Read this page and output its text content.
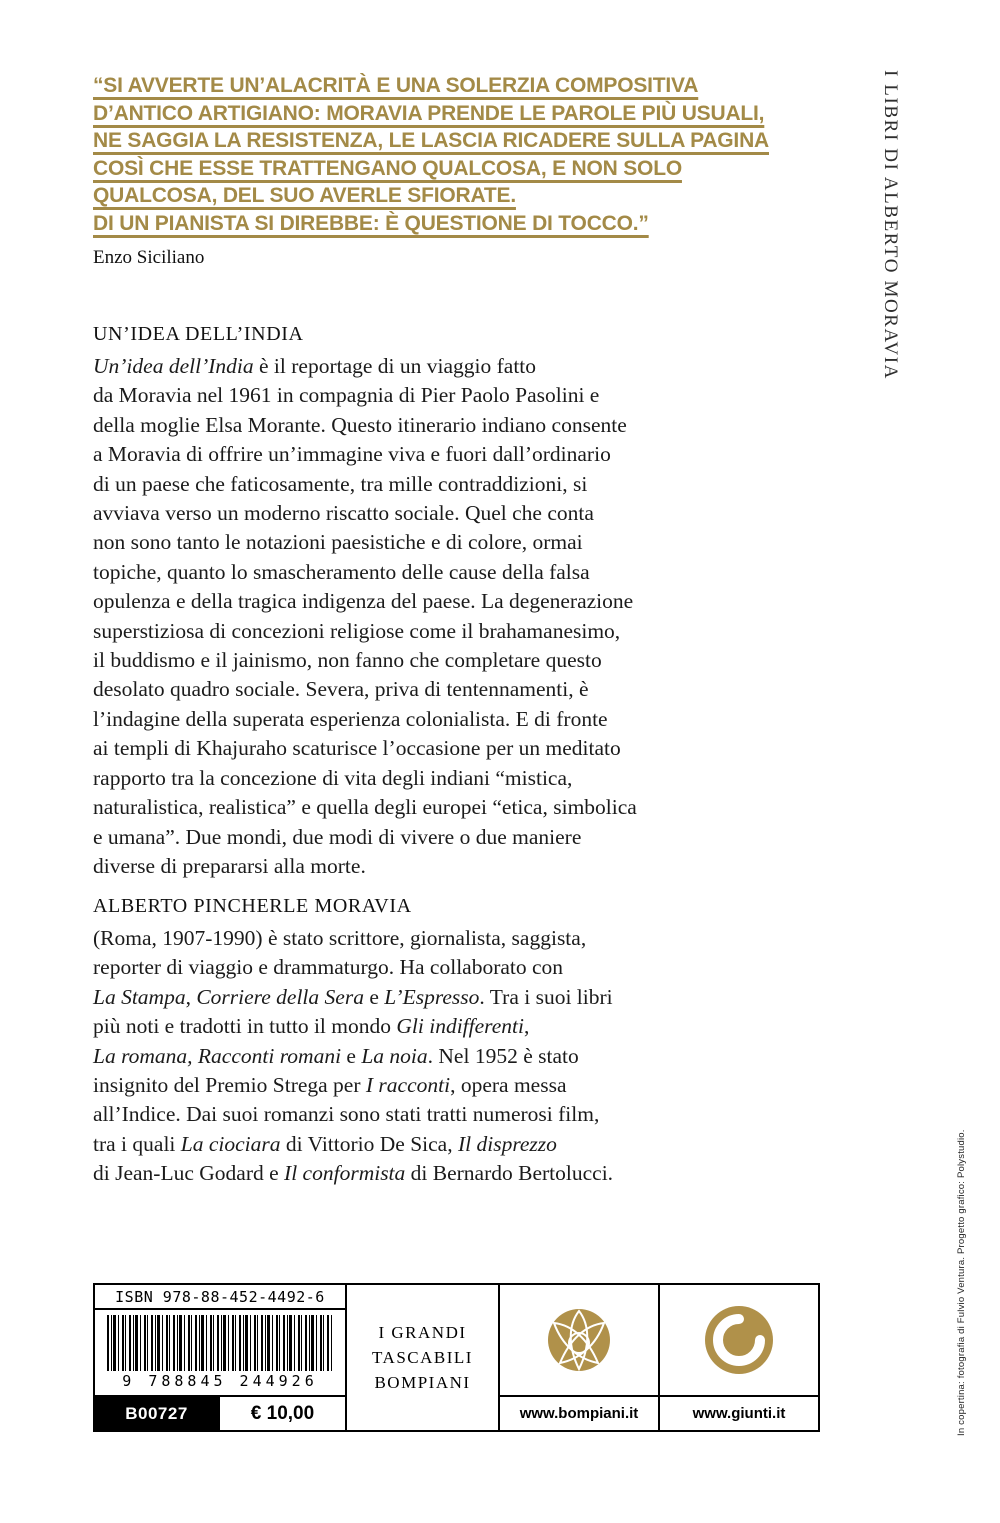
“SI AVVERTE UN’ALACRITÀ E UNA SOLERZIA COMPOSITIVA
D’ANTICO ARTIGIANO: MORAVIA PRENDE LE PAROLE PIÙ USUALI,
NE SAGGIA LA RESISTENZA, LE LASCIA RICADERE SULLA PAGINA
COSÌ CHE ESSE TRATTENGANO QUALCOSA, E NON SOLO
QUALCOSA, DEL SUO AVERLE SFIORATE.
DI UN PIANISTA SI DIREBBE: È QUESTIONE DI TOCCO.”
Enzo Siciliano
UN’IDEA DELL’INDIA
Un’idea dell’India è il reportage di un viaggio fatto
da Moravia nel 1961 in compagnia di Pier Paolo Pasolini e
della moglie Elsa Morante. Questo itinerario indiano consente
a Moravia di offrire un’immagine viva e fuori dall’ordinario
di un paese che faticosamente, tra mille contraddizioni, si
avviava verso un moderno riscatto sociale. Quel che conta
non sono tanto le notazioni paesistiche e di colore, ormai
topiche, quanto lo smascheramento delle cause della falsa
opulenza e della tragica indigenza del paese. La degenerazione
superstiziosa di concezioni religiose come il brahamanesimo,
il buddismo e il jainismo, non fanno che completare questo
desolato quadro sociale. Severa, priva di tentennamenti, è
l’indagine della superata esperienza colonialista. E di fronte
ai templi di Khajuraho scaturisce l’occasione per un meditato
rapporto tra la concezione di vita degli indiani “mistica,
naturalistica, realistica” e quella degli europei “etica, simbolica
e umana”. Due mondi, due modi di vivere o due maniere
diverse di prepararsi alla morte.
ALBERTO PINCHERLE MORAVIA
(Roma, 1907-1990) è stato scrittore, giornalista, saggista,
reporter di viaggio e drammaturgo. Ha collaborato con
La Stampa, Corriere della Sera e L’Espresso. Tra i suoi libri
più noti e tradotti in tutto il mondo Gli indifferenti,
La romana, Racconti romani e La noia. Nel 1952 è stato
insignito del Premio Strega per I racconti, opera messa
all’Indice. Dai suoi romanzi sono stati tratti numerosi film,
tra i quali La ciociara di Vittorio De Sica, Il disprezzo
di Jean-Luc Godard e Il conformista di Bernardo Bertolucci.
I LIBRI DI ALBERTO MORAVIA
In copertina: fotografia di Fulvio Ventura. Progetto grafico: Polystudio.
ISBN 978-88-452-4492-6
9 788845 244926
B00727	€ 10,00
I GRANDI
TASCABILI
BOMPIANI
www.bompiani.it	www.giunti.it
